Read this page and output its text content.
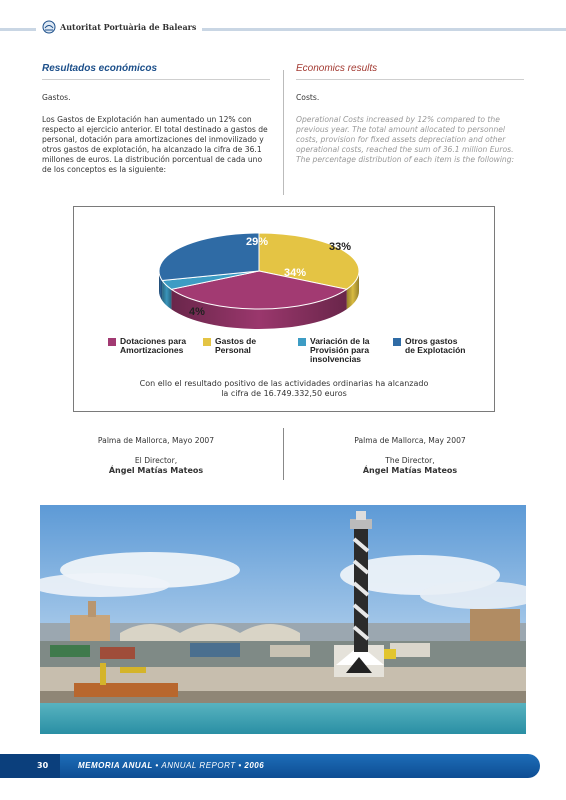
Autoritat Portuària de Balears
Resultados económicos

Gastos.

Los Gastos de Explotación han aumentado un 12% con respecto al ejercicio anterior. El total destinado a gastos de personal, dotación para amortizaciones del inmovilizado y otros gastos de explotación, ha alcanzado la cifra de 36.1 millones de euros. La distribución porcentual de cada uno de los conceptos es la siguiente:

Economics results

Costs.

Operational Costs increased by 12% compared to the previous year. The total amount allocated to personnel costs, provision for fixed assets depreciation and other operational costs, reached the sum of 36.1 million Euros. The percentage distribution of each item is the following:

33%
34%
4%
29%
Dotaciones para
Amortizaciones
Gastos de
Personal
Variación de la
Provisión para
insolvencias
Otros gastos
de Explotación
Con ello el resultado positivo de las actividades ordinarias ha alcanzado
la cifra de 16.749.332,50 euros
Palma de Mallorca, Mayo 2007
El Director,
Ángel Matías Mateos
Palma de Mallorca, May 2007
The Director,
Ángel Matías Mateos
30	MEMORIA ANUAL • ANNUAL REPORT • 2006
